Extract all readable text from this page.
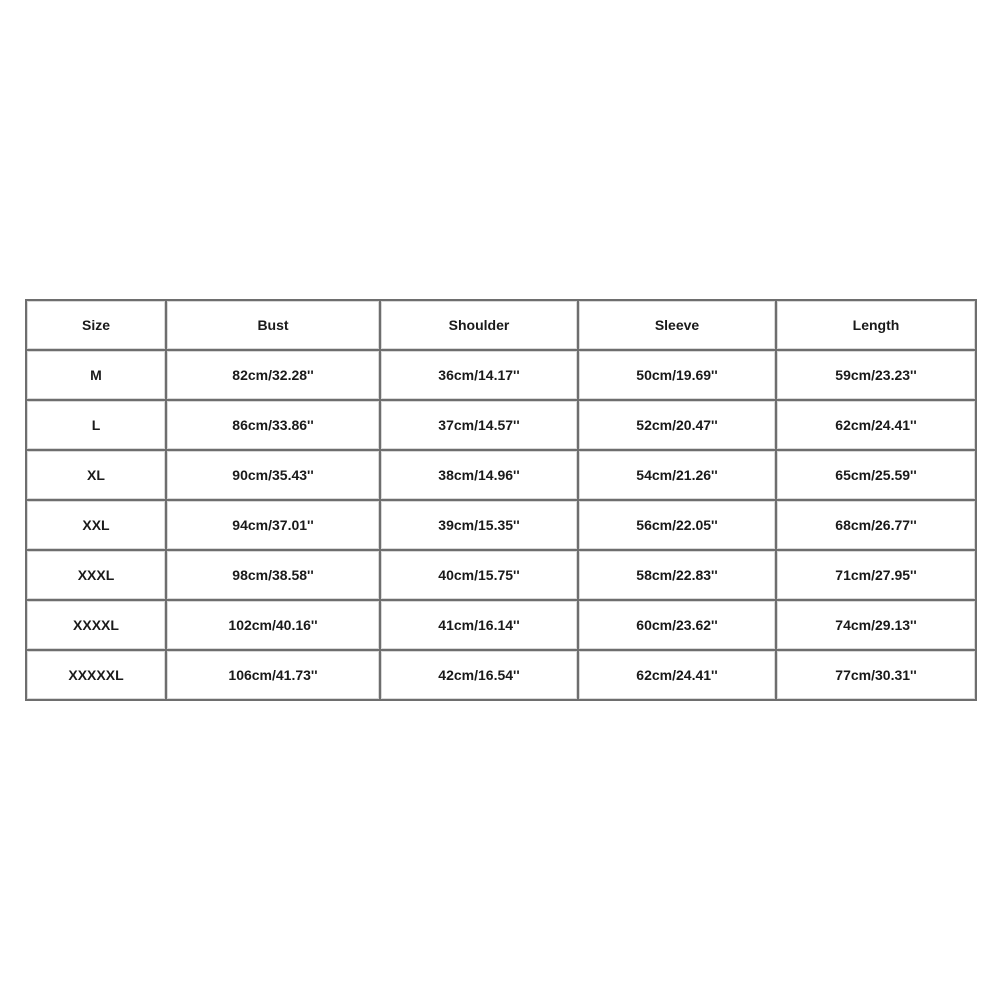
Size	Bust	Shoulder	Sleeve	Length
M	82cm/32.28''	36cm/14.17''	50cm/19.69''	59cm/23.23''
L	86cm/33.86''	37cm/14.57''	52cm/20.47''	62cm/24.41''
XL	90cm/35.43''	38cm/14.96''	54cm/21.26''	65cm/25.59''
XXL	94cm/37.01''	39cm/15.35''	56cm/22.05''	68cm/26.77''
XXXL	98cm/38.58''	40cm/15.75''	58cm/22.83''	71cm/27.95''
XXXXL	102cm/40.16''	41cm/16.14''	60cm/23.62''	74cm/29.13''
XXXXXL	106cm/41.73''	42cm/16.54''	62cm/24.41''	77cm/30.31''
